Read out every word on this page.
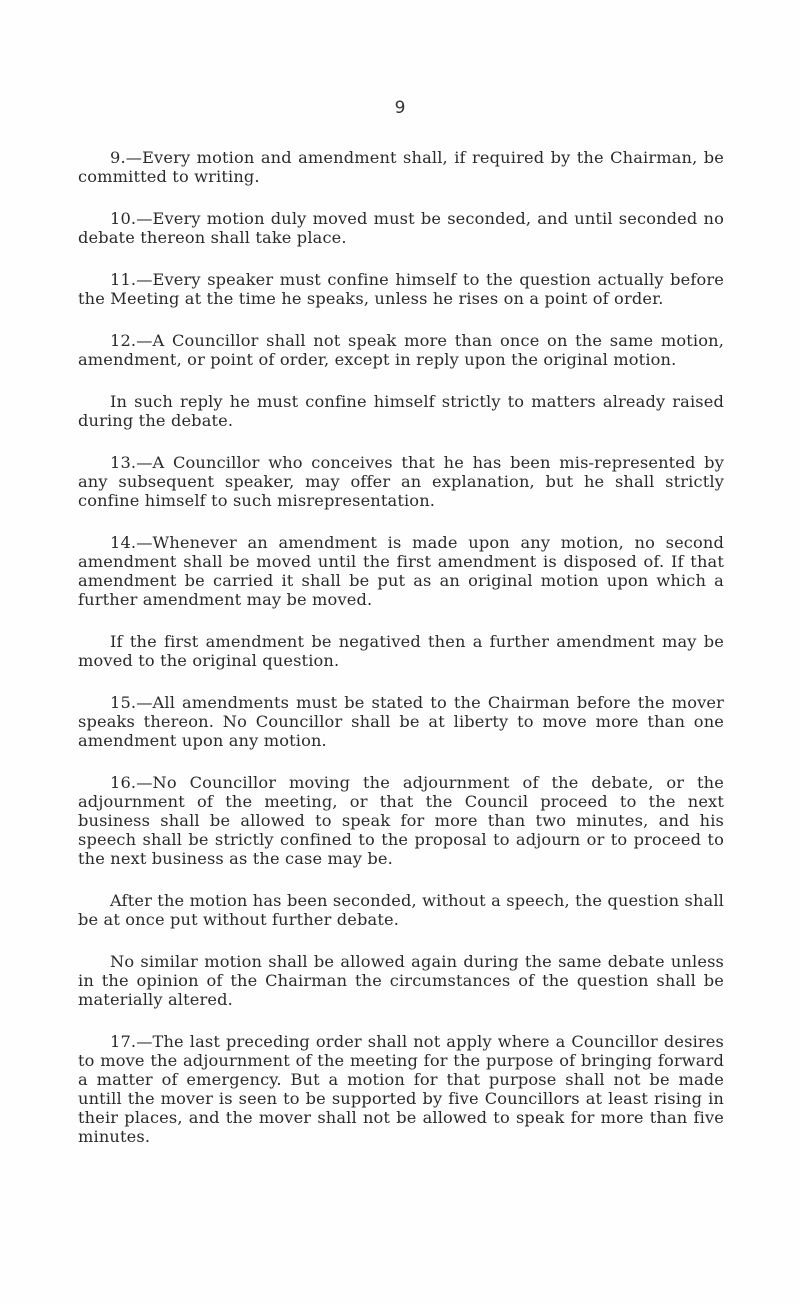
9

9.—Every motion and amendment shall, if required by the Chairman, be committed to writing.

10.—Every motion duly moved must be seconded, and until seconded no debate thereon shall take place.

11.—Every speaker must confine himself to the question actually before the Meeting at the time he speaks, unless he rises on a point of order.

12.—A Councillor shall not speak more than once on the same motion, amendment, or point of order, except in reply upon the original motion.

In such reply he must confine himself strictly to matters already raised during the debate.

13.—A Councillor who conceives that he has been mis-represented by any subsequent speaker, may offer an explanation, but he shall strictly confine himself to such misrepresentation.

14.—Whenever an amendment is made upon any motion, no second amendment shall be moved until the first amendment is disposed of. If that amendment be carried it shall be put as an original motion upon which a further amendment may be moved.

If the first amendment be negatived then a further amendment may be moved to the original question.

15.—All amendments must be stated to the Chairman before the mover speaks thereon. No Councillor shall be at liberty to move more than one amendment upon any motion.

16.—No Councillor moving the adjournment of the debate, or the adjournment of the meeting, or that the Council proceed to the next business shall be allowed to speak for more than two minutes, and his speech shall be strictly confined to the proposal to adjourn or to proceed to the next business as the case may be.

After the motion has been seconded, without a speech, the question shall be at once put without further debate.

No similar motion shall be allowed again during the same debate unless in the opinion of the Chairman the circumstances of the question shall be materially altered.

17.—The last preceding order shall not apply where a Councillor desires to move the adjournment of the meeting for the purpose of bringing forward a matter of emergency. But a motion for that purpose shall not be made untill the mover is seen to be supported by five Councillors at least rising in their places, and the mover shall not be allowed to speak for more than five minutes.
